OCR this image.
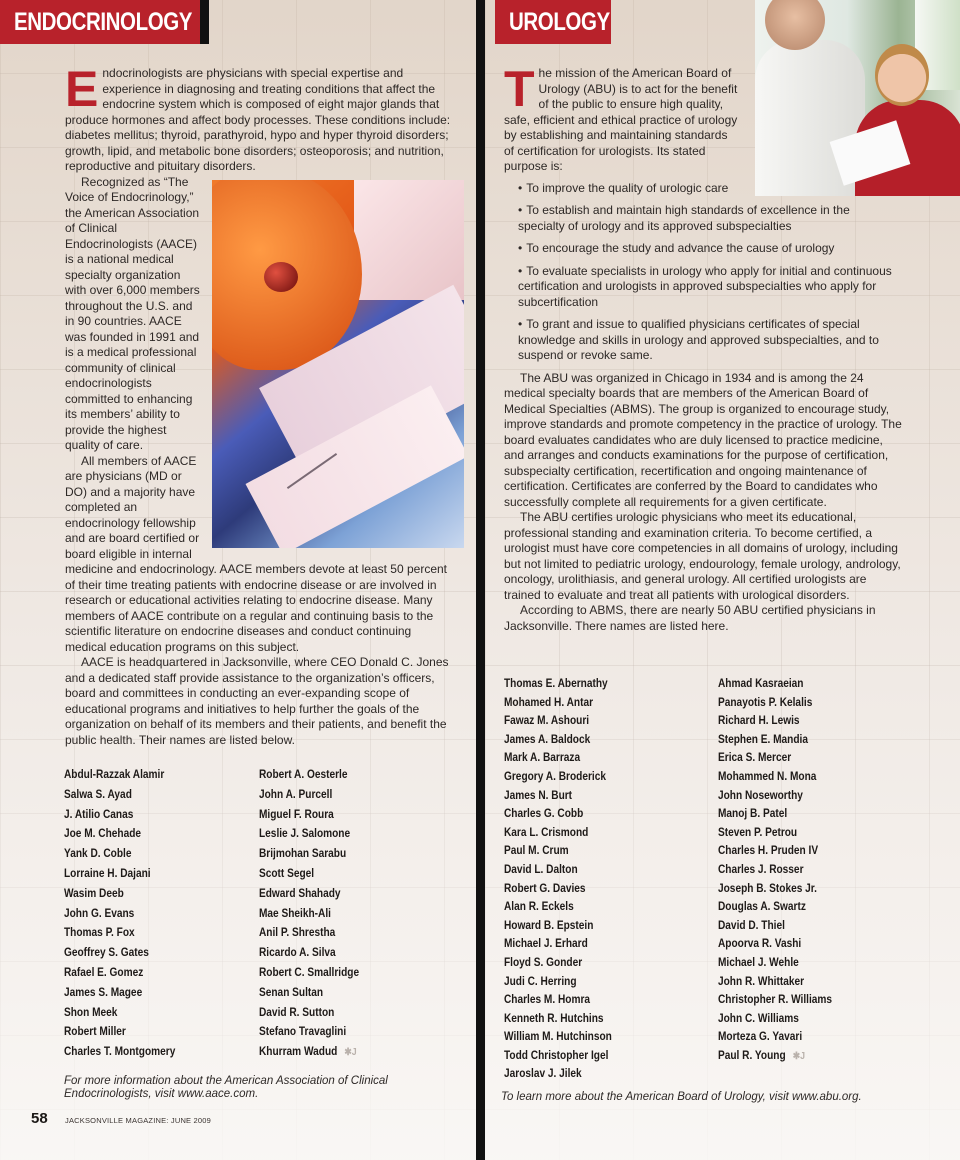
ENDOCRINOLOGY

Endocrinologists are physicians with special expertise and experience in diagnosing and treating conditions that affect the endocrine system which is composed of eight major glands that produce hormones and affect body processes. These conditions include: diabetes mellitus; thyroid, parathyroid, hypo and hyper thyroid disorders; growth, lipid, and metabolic bone disorders; osteoporosis; and nutrition, reproductive and pituitary disorders.

Recognized as “The Voice of Endocrinology,” the American Association of Clinical Endocrinologists (AACE) is a national medical specialty organization with over 6,000 members throughout the U.S. and in 90 countries. AACE was founded in 1991 and is a medical professional community of clinical endocrinologists committed to enhancing its members’ ability to provide the highest quality of care.

All members of AACE are physicians (MD or DO) and a majority have completed an endocrinology fellowship and are board certified or board eligible in internal medicine and endocrinology. AACE members devote at least 50 percent of their time treating patients with endocrine disease or are involved in research or educational activities relating to endocrine disease. Many members of AACE contribute on a regular and continuing basis to the scientific literature on endocrine diseases and conduct continuing medical education programs on this subject.

AACE is headquartered in Jacksonville, where CEO Donald C. Jones and a dedicated staff provide assistance to the organization’s officers, board and committees in conducting an ever-expanding scope of educational programs and initiatives to help further the goals of the organization on behalf of its members and their patients, and benefit the public health. Their names are listed below.

Abdul-Razzak Alamir
Salwa S. Ayad
J. Atilio Canas
Joe M. Chehade
Yank D. Coble
Lorraine H. Dajani
Wasim Deeb
John G. Evans
Thomas P. Fox
Geoffrey S. Gates
Rafael E. Gomez
James S. Magee
Shon Meek
Robert Miller
Charles T. Montgomery
Robert A. Oesterle
John A. Purcell
Miguel F. Roura
Leslie J. Salomone
Brijmohan Sarabu
Scott Segel
Edward Shahady
Mae Sheikh-Ali
Anil P. Shrestha
Ricardo A. Silva
Robert C. Smallridge
Senan Sultan
David R. Sutton
Stefano Travaglini
Khurram Wadud ✱J
For more information about the American Association of Clinical Endocrinologists, visit www.aace.com.
58 JACKSONVILLE MAGAZINE: JUNE 2009
UROLOGY

The mission of the American Board of Urology (ABU) is to act for the benefit of the public to ensure high quality, safe, efficient and ethical practice of urology by establishing and maintaining standards of certification for urologists. Its stated purpose is:

• To improve the quality of urologic care
• To establish and maintain high standards of excellence in the specialty of urology and its approved subspecialties
• To encourage the study and advance the cause of urology
• To evaluate specialists in urology who apply for initial and continuous certification and urologists in approved subspecialties who apply for subcertification
• To grant and issue to qualified physicians certificates of special knowledge and skills in urology and approved subspecialties, and to suspend or revoke same.

The ABU was organized in Chicago in 1934 and is among the 24 medical specialty boards that are members of the American Board of Medical Specialties (ABMS). The group is organized to encourage study, improve standards and promote competency in the practice of urology. The board evaluates candidates who are duly licensed to practice medicine, and arranges and conducts examinations for the purpose of certification, subspecialty certification, recertification and ongoing maintenance of certification. Certificates are conferred by the Board to candidates who successfully complete all requirements for a given certificate.

The ABU certifies urologic physicians who meet its educational, professional standing and examination criteria. To become certified, a urologist must have core competencies in all domains of urology, including but not limited to pediatric urology, endourology, female urology, andrology, oncology, urolithiasis, and general urology. All certified urologists are trained to evaluate and treat all patients with urological disorders.

According to ABMS, there are nearly 50 ABU certified physicians in Jacksonville. There names are listed here.

Thomas E. Abernathy
Mohamed H. Antar
Fawaz M. Ashouri
James A. Baldock
Mark A. Barraza
Gregory A. Broderick
James N. Burt
Charles G. Cobb
Kara L. Crismond
Paul M. Crum
David L. Dalton
Robert G. Davies
Alan R. Eckels
Howard B. Epstein
Michael J. Erhard
Floyd S. Gonder
Judi C. Herring
Charles M. Homra
Kenneth R. Hutchins
William M. Hutchinson
Todd Christopher Igel
Jaroslav J. Jilek
Ahmad Kasraeian
Panayotis P. Kelalis
Richard H. Lewis
Stephen E. Mandia
Erica S. Mercer
Mohammed N. Mona
John Noseworthy
Manoj B. Patel
Steven P. Petrou
Charles H. Pruden IV
Charles J. Rosser
Joseph B. Stokes Jr.
Douglas A. Swartz
David D. Thiel
Apoorva R. Vashi
Michael J. Wehle
John R. Whittaker
Christopher R. Williams
John C. Williams
Morteza G. Yavari
Paul R. Young ✱J
To learn more about the American Board of Urology, visit www.abu.org.
